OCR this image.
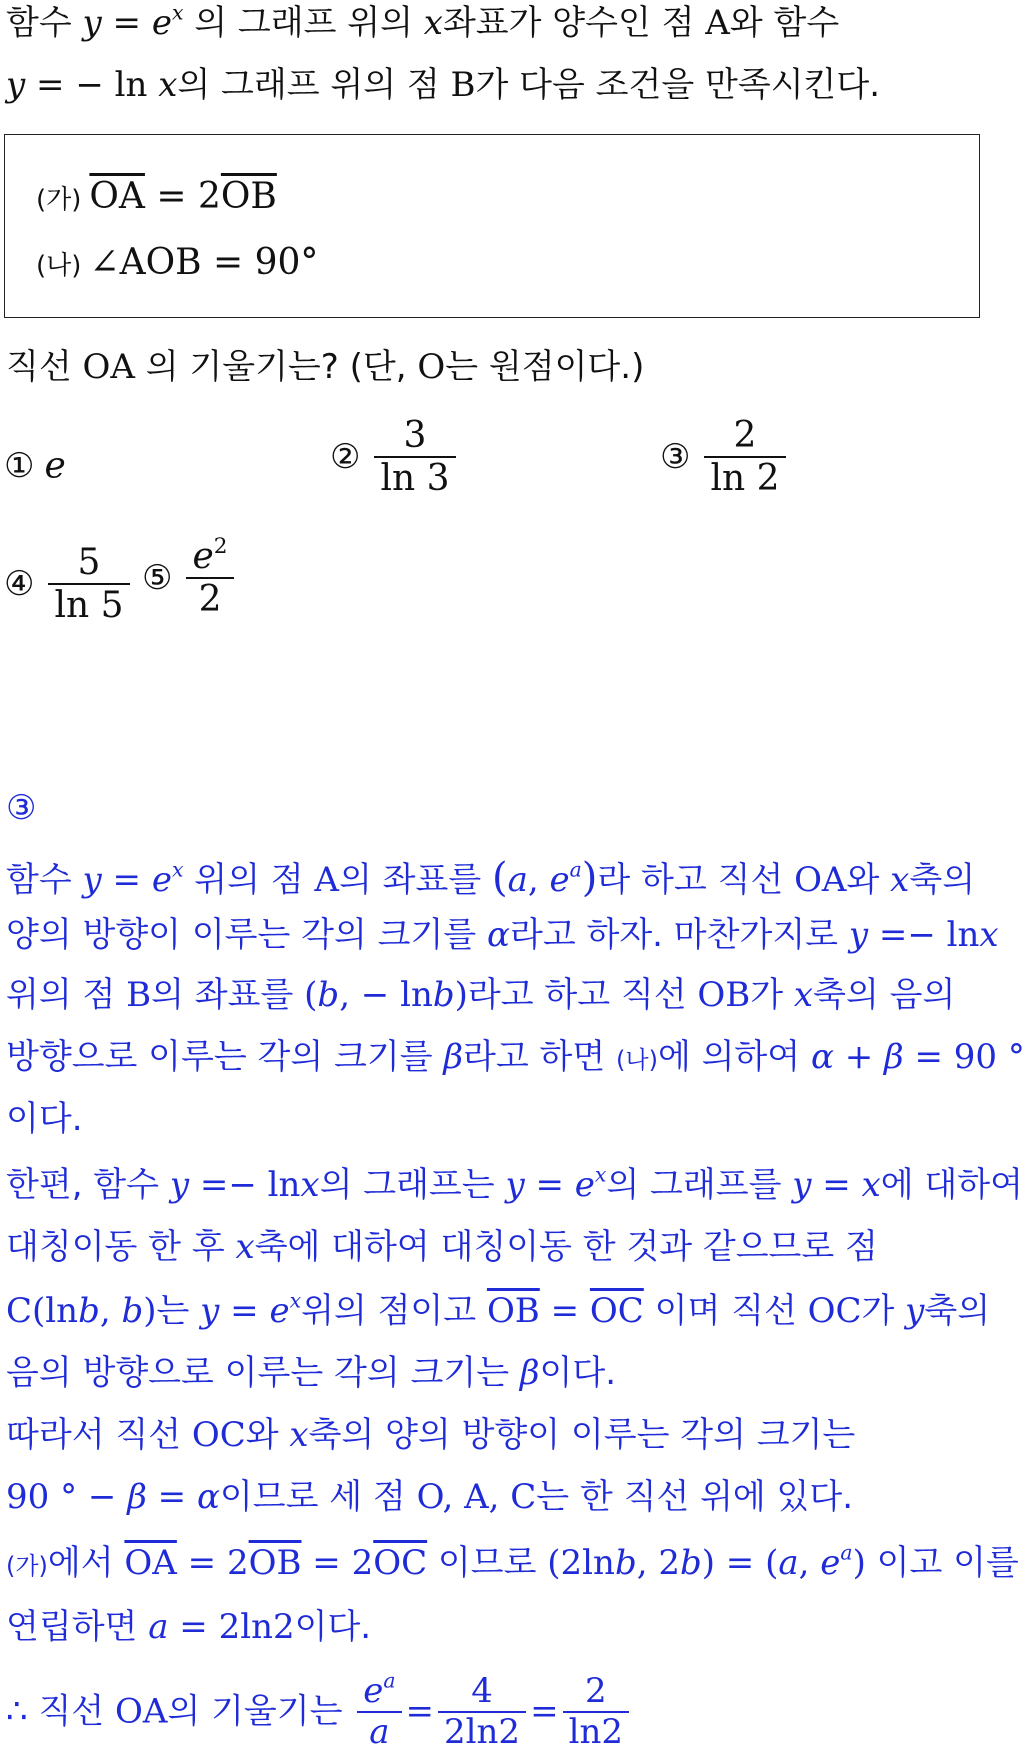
함수 $y = e^x$ 의 그래프 위의 x좌표가 양수인 점 A와 함수
y = − ln x의 그래프 위의 점 B가 다음 조건을 만족시킨다.
(가) $\overline{OA} = 2\overline{OB}$
(나) ∠AOB = 90°
직선 OA 의 기울기는? (단, O는 원점이다.)
① e	② $\frac{3}{\ln 3}$	③ $\frac{2}{\ln 2}$
④ $\frac{5}{\ln 5}$ ⑤ $\frac{e^2}{2}$
③
함수 $y = e^x$ 위의 점 A의 좌표를 (a, $e^a$)라 하고 직선 OA와 x축의
양의 방향이 이루는 각의 크기를 α라고 하자. 마찬가지로 y =− lnx
위의 점 B의 좌표를 (b, − lnb)라고 하고 직선 OB가 x축의 음의
방향으로 이루는 각의 크기를 β라고 하면 (나)에 의하여 α + β = 90 °
이다.
한편, 함수 y =− lnx의 그래프는 $y = e^x$의 그래프를 y = x에 대하여
대칭이동 한 후 x축에 대하여 대칭이동 한 것과 같으므로 점
C(lnb, b)는 $y = e^x$위의 점이고 $\overline{OB} = \overline{OC}$ 이며 직선 OC가 y축의
음의 방향으로 이루는 각의 크기는 β이다.
따라서 직선 OC와 x축의 양의 방향이 이루는 각의 크기는
90 ° − β = α이므로 세 점 O, A, C는 한 직선 위에 있다.
(가)에서 $\overline{OA} = 2\overline{OB} = 2\overline{OC}$ 이므로 (2lnb, 2b) = (a, $e^a$) 이고 이를
연립하면 a = 2ln2이다.
∴ 직선 OA의 기울기는 $\frac{e^a}{a} = \frac{4}{2\ln 2} = \frac{2}{\ln 2}$
